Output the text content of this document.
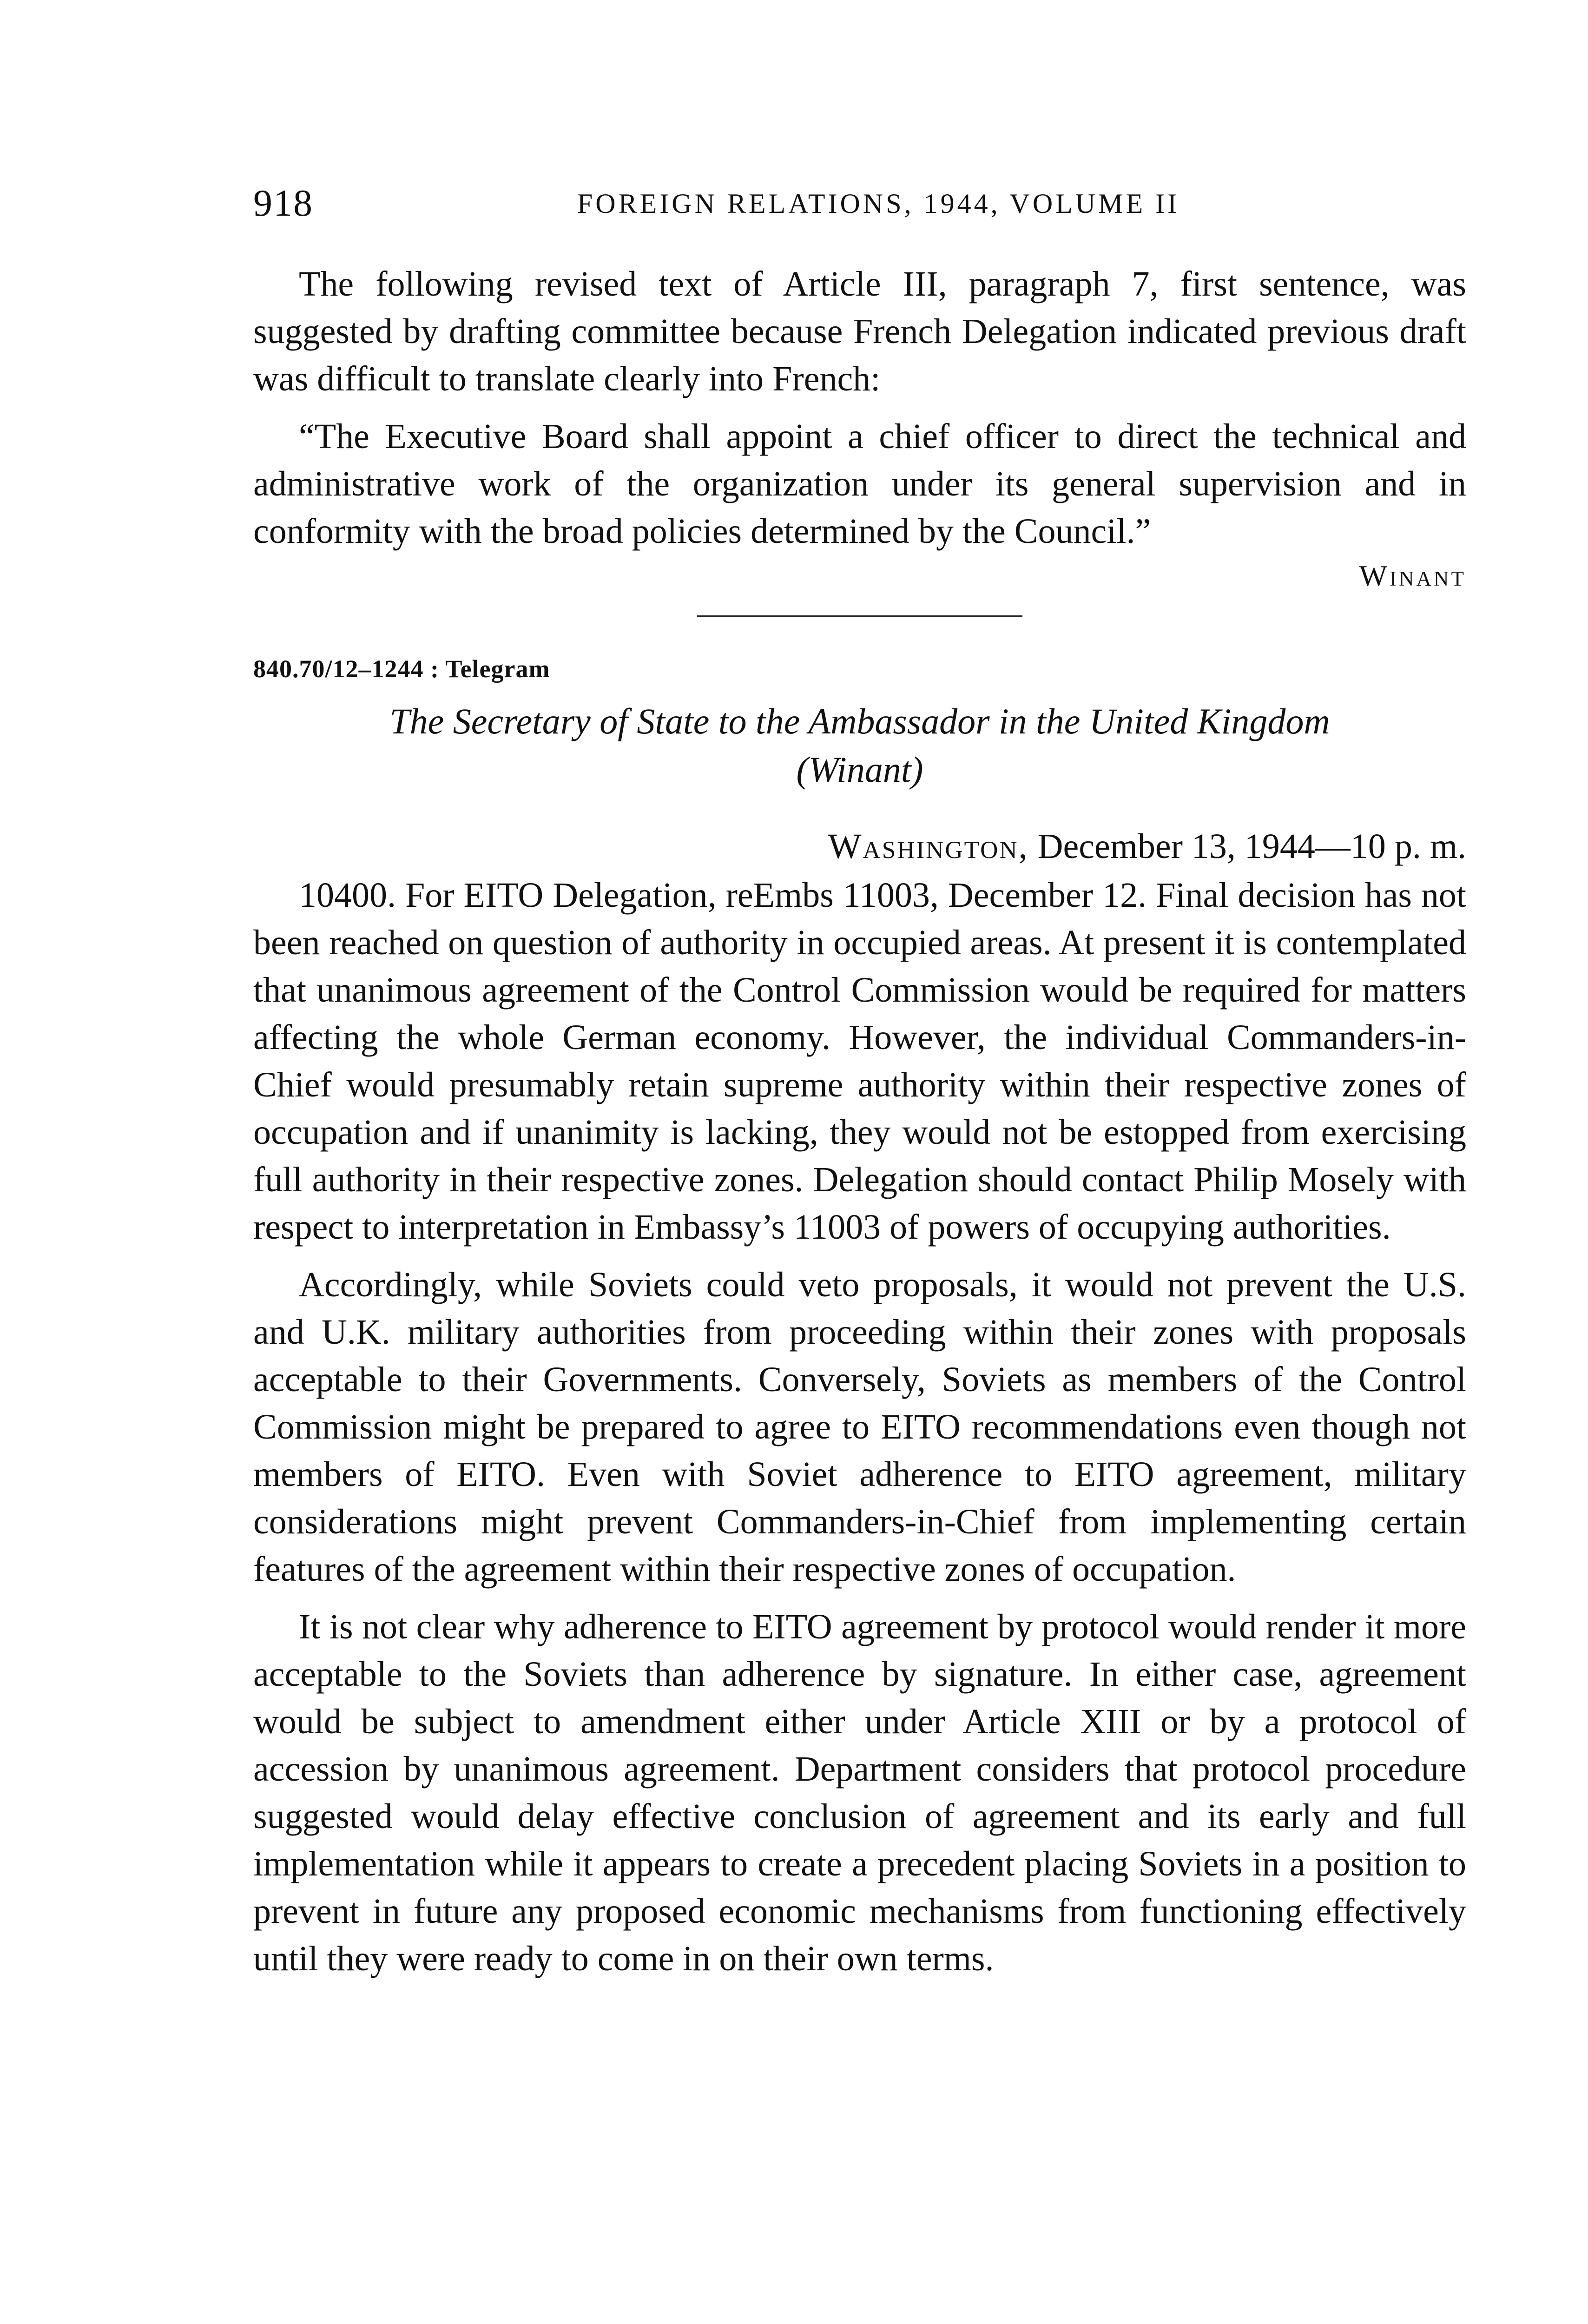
918	FOREIGN RELATIONS, 1944, VOLUME II

The following revised text of Article III, paragraph 7, first sentence, was suggested by drafting committee because French Delegation indicated previous draft was difficult to translate clearly into French:

“The Executive Board shall appoint a chief officer to direct the technical and administrative work of the organization under its general supervision and in conformity with the broad policies determined by the Council.”

Winant
840.70/12–1244 : Telegram
The Secretary of State to the Ambassador in the United Kingdom
(Winant)
Washington, December 13, 1944—10 p. m.

10400. For EITO Delegation, reEmbs 11003, December 12. Final decision has not been reached on question of authority in occupied areas. At present it is contemplated that unanimous agreement of the Control Commission would be required for matters affecting the whole German economy. However, the individual Commanders-in-Chief would presumably retain supreme authority within their respective zones of occupation and if unanimity is lacking, they would not be estopped from exercising full authority in their respective zones. Delegation should contact Philip Mosely with respect to interpretation in Embassy’s 11003 of powers of occupying authorities.

Accordingly, while Soviets could veto proposals, it would not prevent the U.S. and U.K. military authorities from proceeding within their zones with proposals acceptable to their Governments. Conversely, Soviets as members of the Control Commission might be prepared to agree to EITO recommendations even though not members of EITO. Even with Soviet adherence to EITO agreement, military considerations might prevent Commanders-in-Chief from implementing certain features of the agreement within their respective zones of occupation.

It is not clear why adherence to EITO agreement by protocol would render it more acceptable to the Soviets than adherence by signature. In either case, agreement would be subject to amendment either under Article XIII or by a protocol of accession by unanimous agreement. Department considers that protocol procedure suggested would delay effective conclusion of agreement and its early and full implementation while it appears to create a precedent placing Soviets in a position to prevent in future any proposed economic mechanisms from functioning effectively until they were ready to come in on their own terms.
